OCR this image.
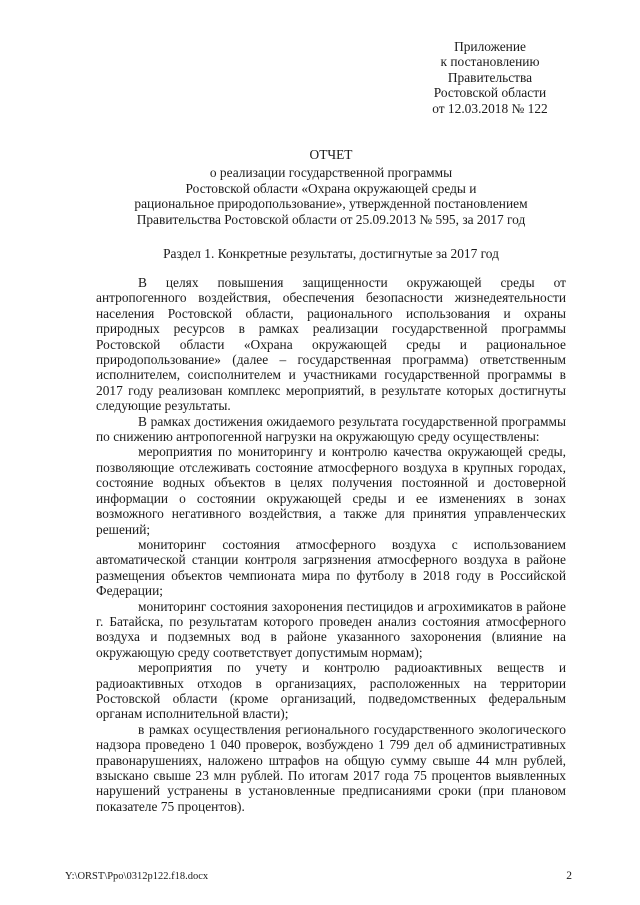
Приложение
к постановлению
Правительства
Ростовской области
от 12.03.2018 № 122
ОТЧЕТ
о реализации государственной программы
Ростовской области «Охрана окружающей среды и
рациональное природопользование», утвержденной постановлением
Правительства Ростовской области от 25.09.2013 № 595, за 2017 год
Раздел 1. Конкретные результаты, достигнутые за 2017 год

В целях повышения защищенности окружающей среды от антропогенного воздействия, обеспечения безопасности жизнедеятельности населения Ростовской области, рационального использования и охраны природных ресурсов в рамках реализации государственной программы Ростовской области «Охрана окружающей среды и рациональное природопользование» (далее – государственная программа) ответственным исполнителем, соисполнителем и участниками государственной программы в 2017 году реализован комплекс мероприятий, в результате которых достигнуты следующие результаты.

В рамках достижения ожидаемого результата государственной программы по снижению антропогенной нагрузки на окружающую среду осуществлены:

мероприятия по мониторингу и контролю качества окружающей среды, позволяющие отслеживать состояние атмосферного воздуха в крупных городах, состояние водных объектов в целях получения постоянной и достоверной информации о состоянии окружающей среды и ее изменениях в зонах возможного негативного воздействия, а также для принятия управленческих решений;

мониторинг состояния атмосферного воздуха с использованием автоматической станции контроля загрязнения атмосферного воздуха в районе размещения объектов чемпионата мира по футболу в 2018 году в Российской Федерации;

мониторинг состояния захоронения пестицидов и агрохимикатов в районе г. Батайска, по результатам которого проведен анализ состояния атмосферного воздуха и подземных вод в районе указанного захоронения (влияние на окружающую среду соответствует допустимым нормам);

мероприятия по учету и контролю радиоактивных веществ и радиоактивных отходов в организациях, расположенных на территории Ростовской области (кроме организаций, подведомственных федеральным органам исполнительной власти);

в рамках осуществления регионального государственного экологического надзора проведено 1 040 проверок, возбуждено 1 799 дел об административных правонарушениях, наложено штрафов на общую сумму свыше 44 млн рублей, взыскано свыше 23 млн рублей. По итогам 2017 года 75 процентов выявленных нарушений устранены в установленные предписаниями сроки (при плановом показателе 75 процентов).

Y:\ORST\Ppo\0312p122.f18.docx	2
